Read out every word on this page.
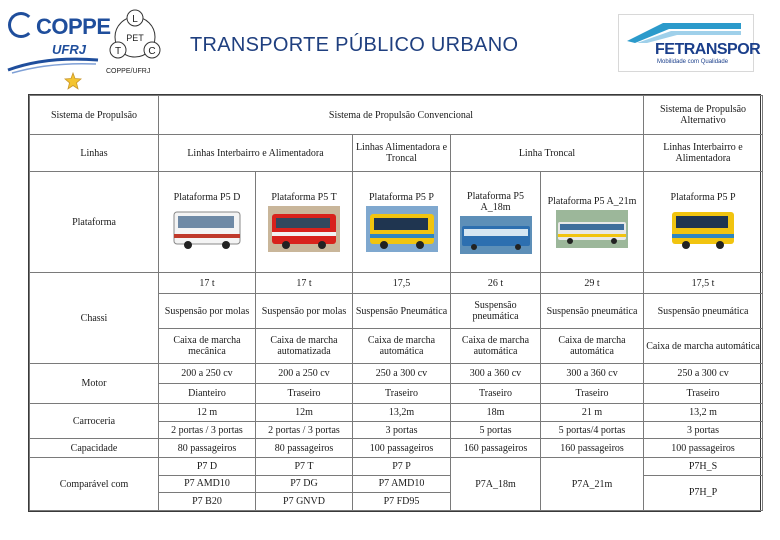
COPPE
UFRJ
L
T	C
PET
COPPE/UFRJ
TRANSPORTE PÚBLICO URBANO	FETRANSPOR
Mobilidade com Qualidade
Sistema de Propulsão	Sistema de Propulsão Convencional					Sistema de Propulsão Alternativo
Linhas	Linhas Interbairro e Alimentadora		Linhas Alimentadora e Troncal	Linha Troncal		Linhas Interbairro e Alimentadora
Plataforma	Plataforma P5 D	Plataforma P5 T	Plataforma P5 P	Plataforma P5 A_18m	Plataforma P5 A_21m	Plataforma P5 P

Chassi	17 t	17 t	17,5	26 t	29 t	17,5 t
	Suspensão por molas	Suspensão por molas	Suspensão Pneumática	Suspensão pneumática	Suspensão pneumática	Suspensão pneumática
	Caixa de marcha mecânica	Caixa de marcha automatizada	Caixa de marcha automática	Caixa de marcha automática	Caixa de marcha automática	Caixa de marcha automática
Motor	200 a 250 cv	200 a 250 cv	250 a 300 cv	300 a 360 cv	300 a 360 cv	250 a 300 cv
	Dianteiro	Traseiro	Traseiro	Traseiro	Traseiro	Traseiro
Carroceria	12 m	12m	13,2m	18m	21 m	13,2 m
	2 portas / 3 portas	2 portas / 3 portas	3 portas	5 portas	5 portas/4 portas	3 portas
Capacidade	80 passageiros	80 passageiros	100 passageiros	160 passageiros	160 passageiros	100 passageiros
Comparável com	P7 D	P7 T	P7 P	P7A_18m	P7A_21m	P7H_S
	P7 AMD10	P7 DG	P7 AMD10			P7H_P
	P7 B20	P7 GNVD	P7 FD95			
